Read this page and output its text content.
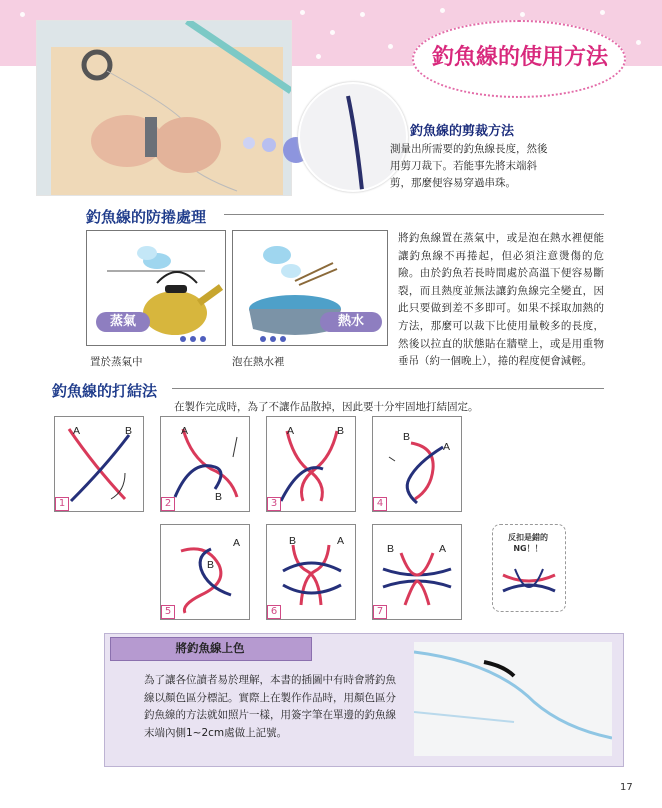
釣魚線的使用方法
釣魚線的剪裁方法
測量出所需要的釣魚線長度，然後用剪刀裁下。若能事先將末端斜剪，那麼便容易穿過串珠。
釣魚線的防捲處理
蒸氣
置於蒸氣中
熱水
泡在熱水裡
將釣魚線置在蒸氣中，或是泡在熱水裡便能讓釣魚線不再捲起，但必須注意燙傷的危險。由於釣魚若長時間處於高溫下便容易斷裂，而且熱度並無法讓釣魚線完全變直，因此只要做到差不多即可。如果不採取加熱的方法，那麼可以裁下比使用量較多的長度，然後以拉直的狀態貼在牆壁上，或是用重物垂吊（約一個晚上），捲的程度便會減輕。
釣魚線的打結法
在製作完成時，為了不讓作品散掉，因此要十分牢固地打結固定。
A	B
1
A
B
2
A	B
3
B
A
4
A
B
5
B	A
6
B	A
7
反扣是錯的 NG！！
將釣魚線上色
為了讓各位讀者易於理解，本書的插圖中有時會將釣魚線以顏色區分標記。實際上在製作作品時，用顏色區分釣魚線的方法就如照片一樣，用簽字筆在單邊的釣魚線末端內側1~2cm處做上記號。
17
